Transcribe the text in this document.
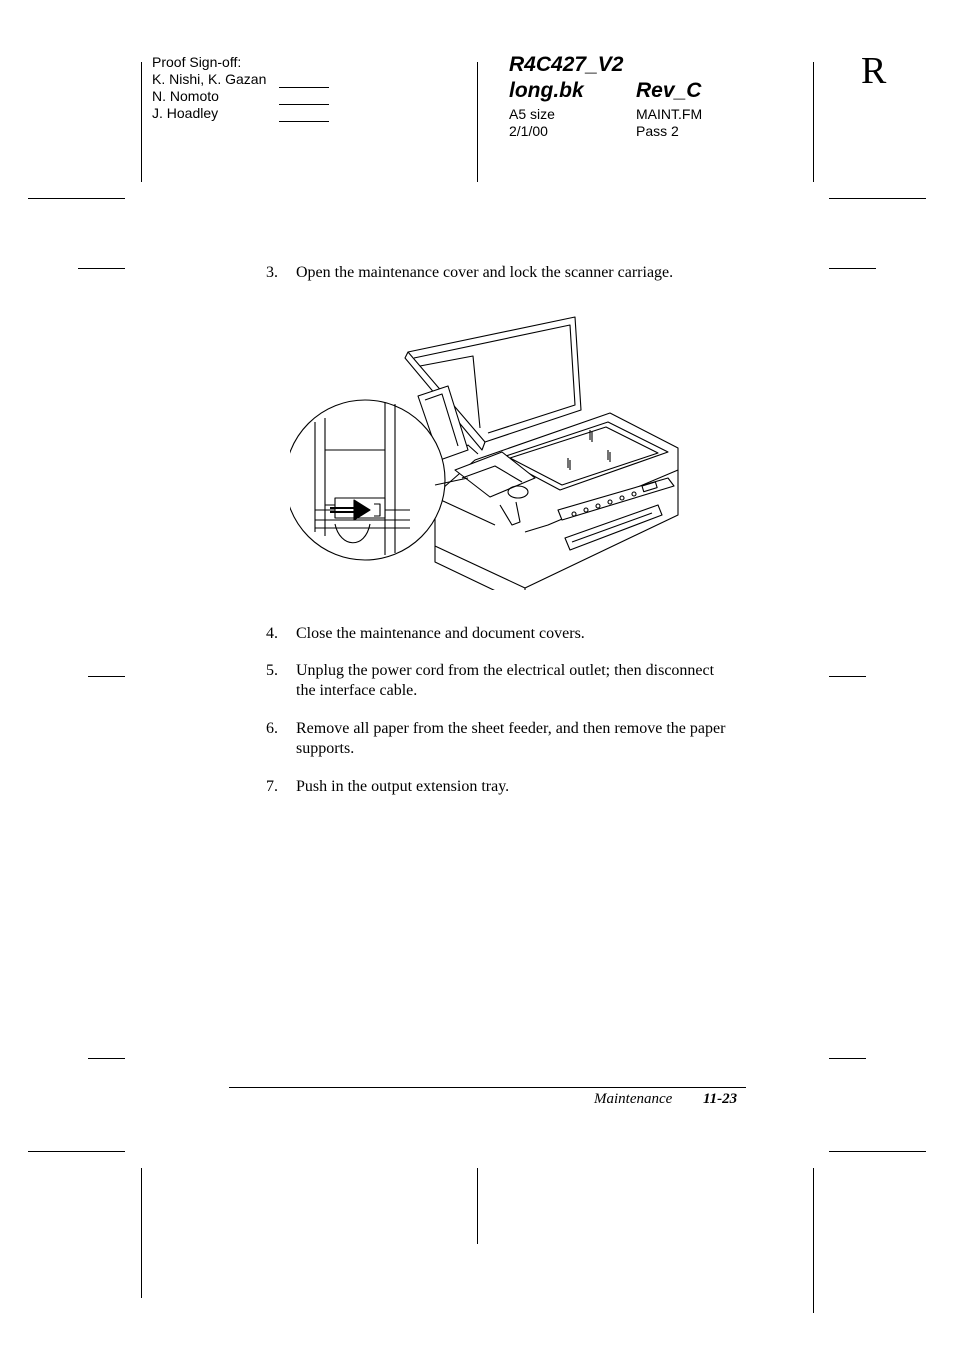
Proof Sign-off:
K. Nishi, K. Gazan
N. Nomoto
J. Hoadley
R4C427_V2
long.bk Rev_C
A5 size	MAINT.FM
2/1/00	Pass 2
R
3.	Open the maintenance cover and lock the scanner carriage.
4.	Close the maintenance and document covers.
5.	Unplug the power cord from the electrical outlet; then disconnect the interface cable.
6.	Remove all paper from the sheet feeder, and then remove the paper supports.
7.	Push in the output extension tray.
Maintenance 11-23
